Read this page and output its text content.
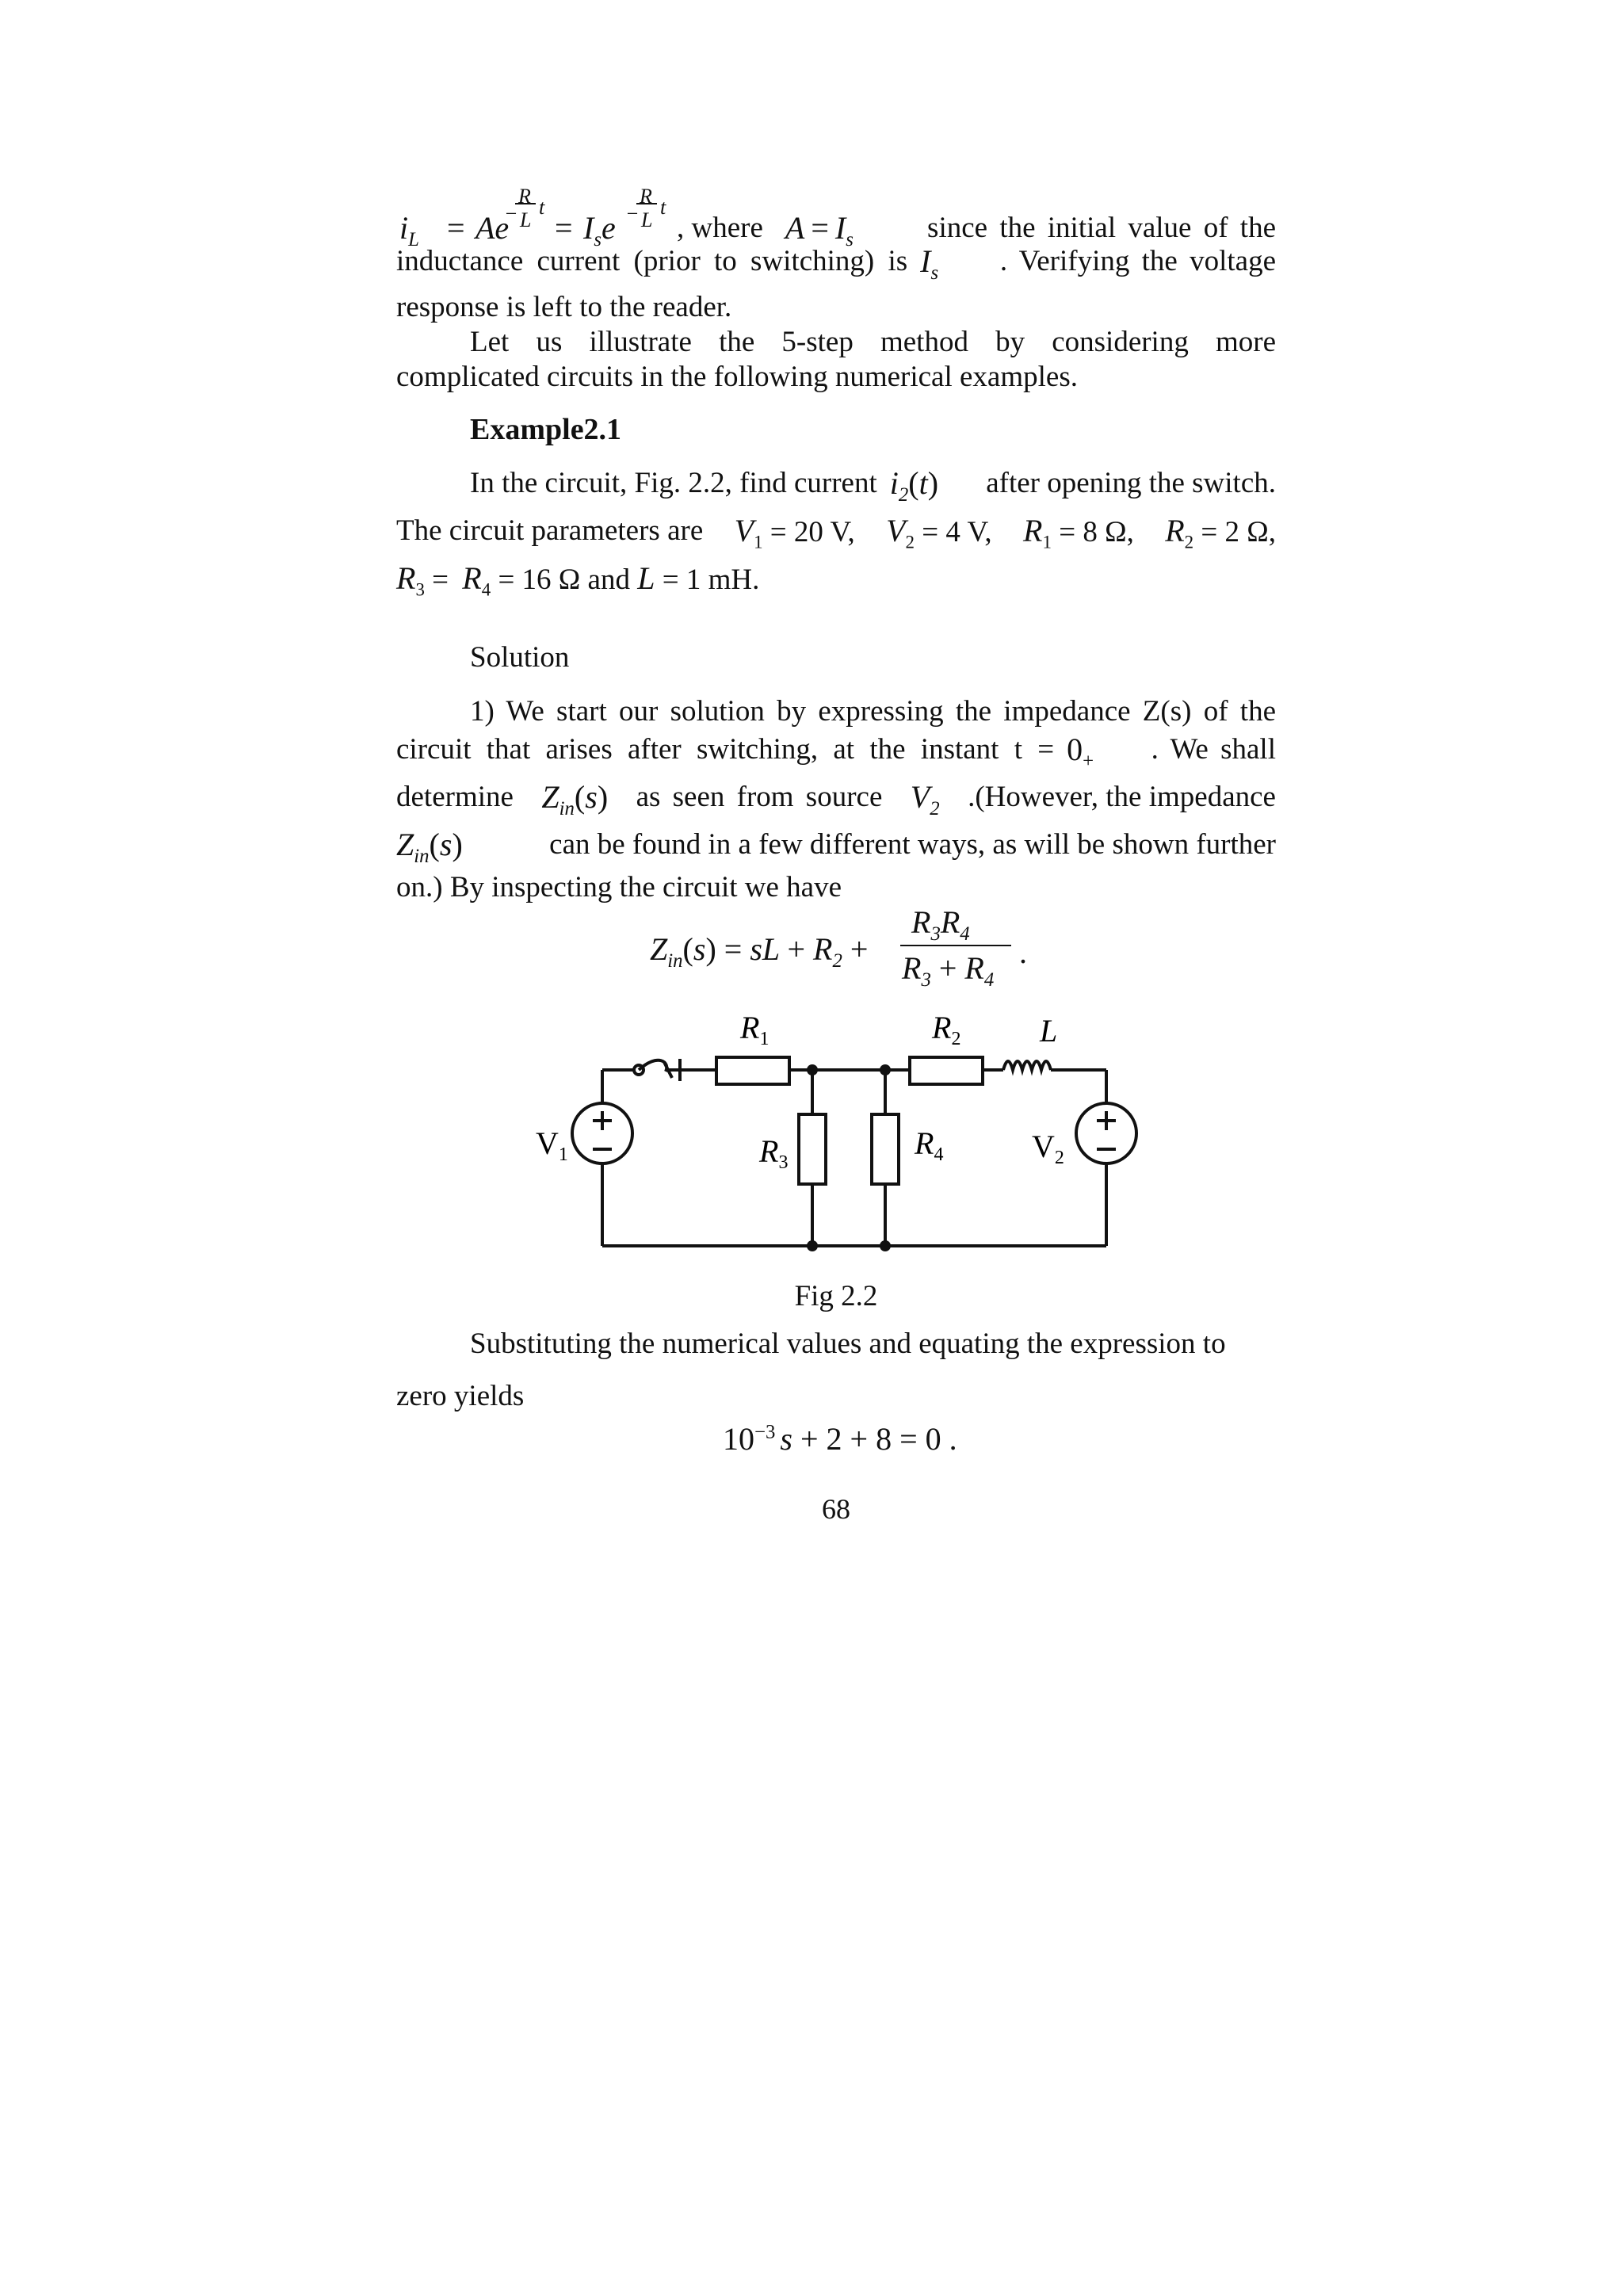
$i_L = Ae$
−
R
L
t
= $I_se$ −
R
L
t
, where $A = I_s$	since the initial value of the
inductance current (prior to switching) is $I_s$ . Verifying the voltage
response is left to the reader.
Let us illustrate the 5-step method by considering more
complicated circuits in the following numerical examples.
Example2.1
In the circuit, Fig. 2.2, find current $i_2(t)$ after opening the switch.
The circuit parameters are $V_1 = 20$ V, $V_2 = 4$ V, $R_1 = 8$ Ω, $R_2 = 2$ Ω,
$R_3 = R_4 = 16$ Ω and L = 1 mH.
Solution
1) We start our solution by expressing the impedance Z(s) of the
circuit that arises after switching, at the instant $t = 0_+$ . We shall
determine $Z_{in}(s)$ as seen from source $V_2$ .(However, the impedance
$Z_{in}(s)$	can be found in a few different ways, as will be shown further
on.) By inspecting the circuit we have
$Z_{in}(s)$ = sL + $R_2$ +
$R_3R_4$
$R_3 + R_4$
.
$R_1$	$R_2$ L
$R_3$
$R_4$
$V_1$	$V_2$
Fig 2.2
Substituting the numerical values and equating the expression to
zero yields
$10^{-3}$ s + 2 + 8 = 0 .
68
